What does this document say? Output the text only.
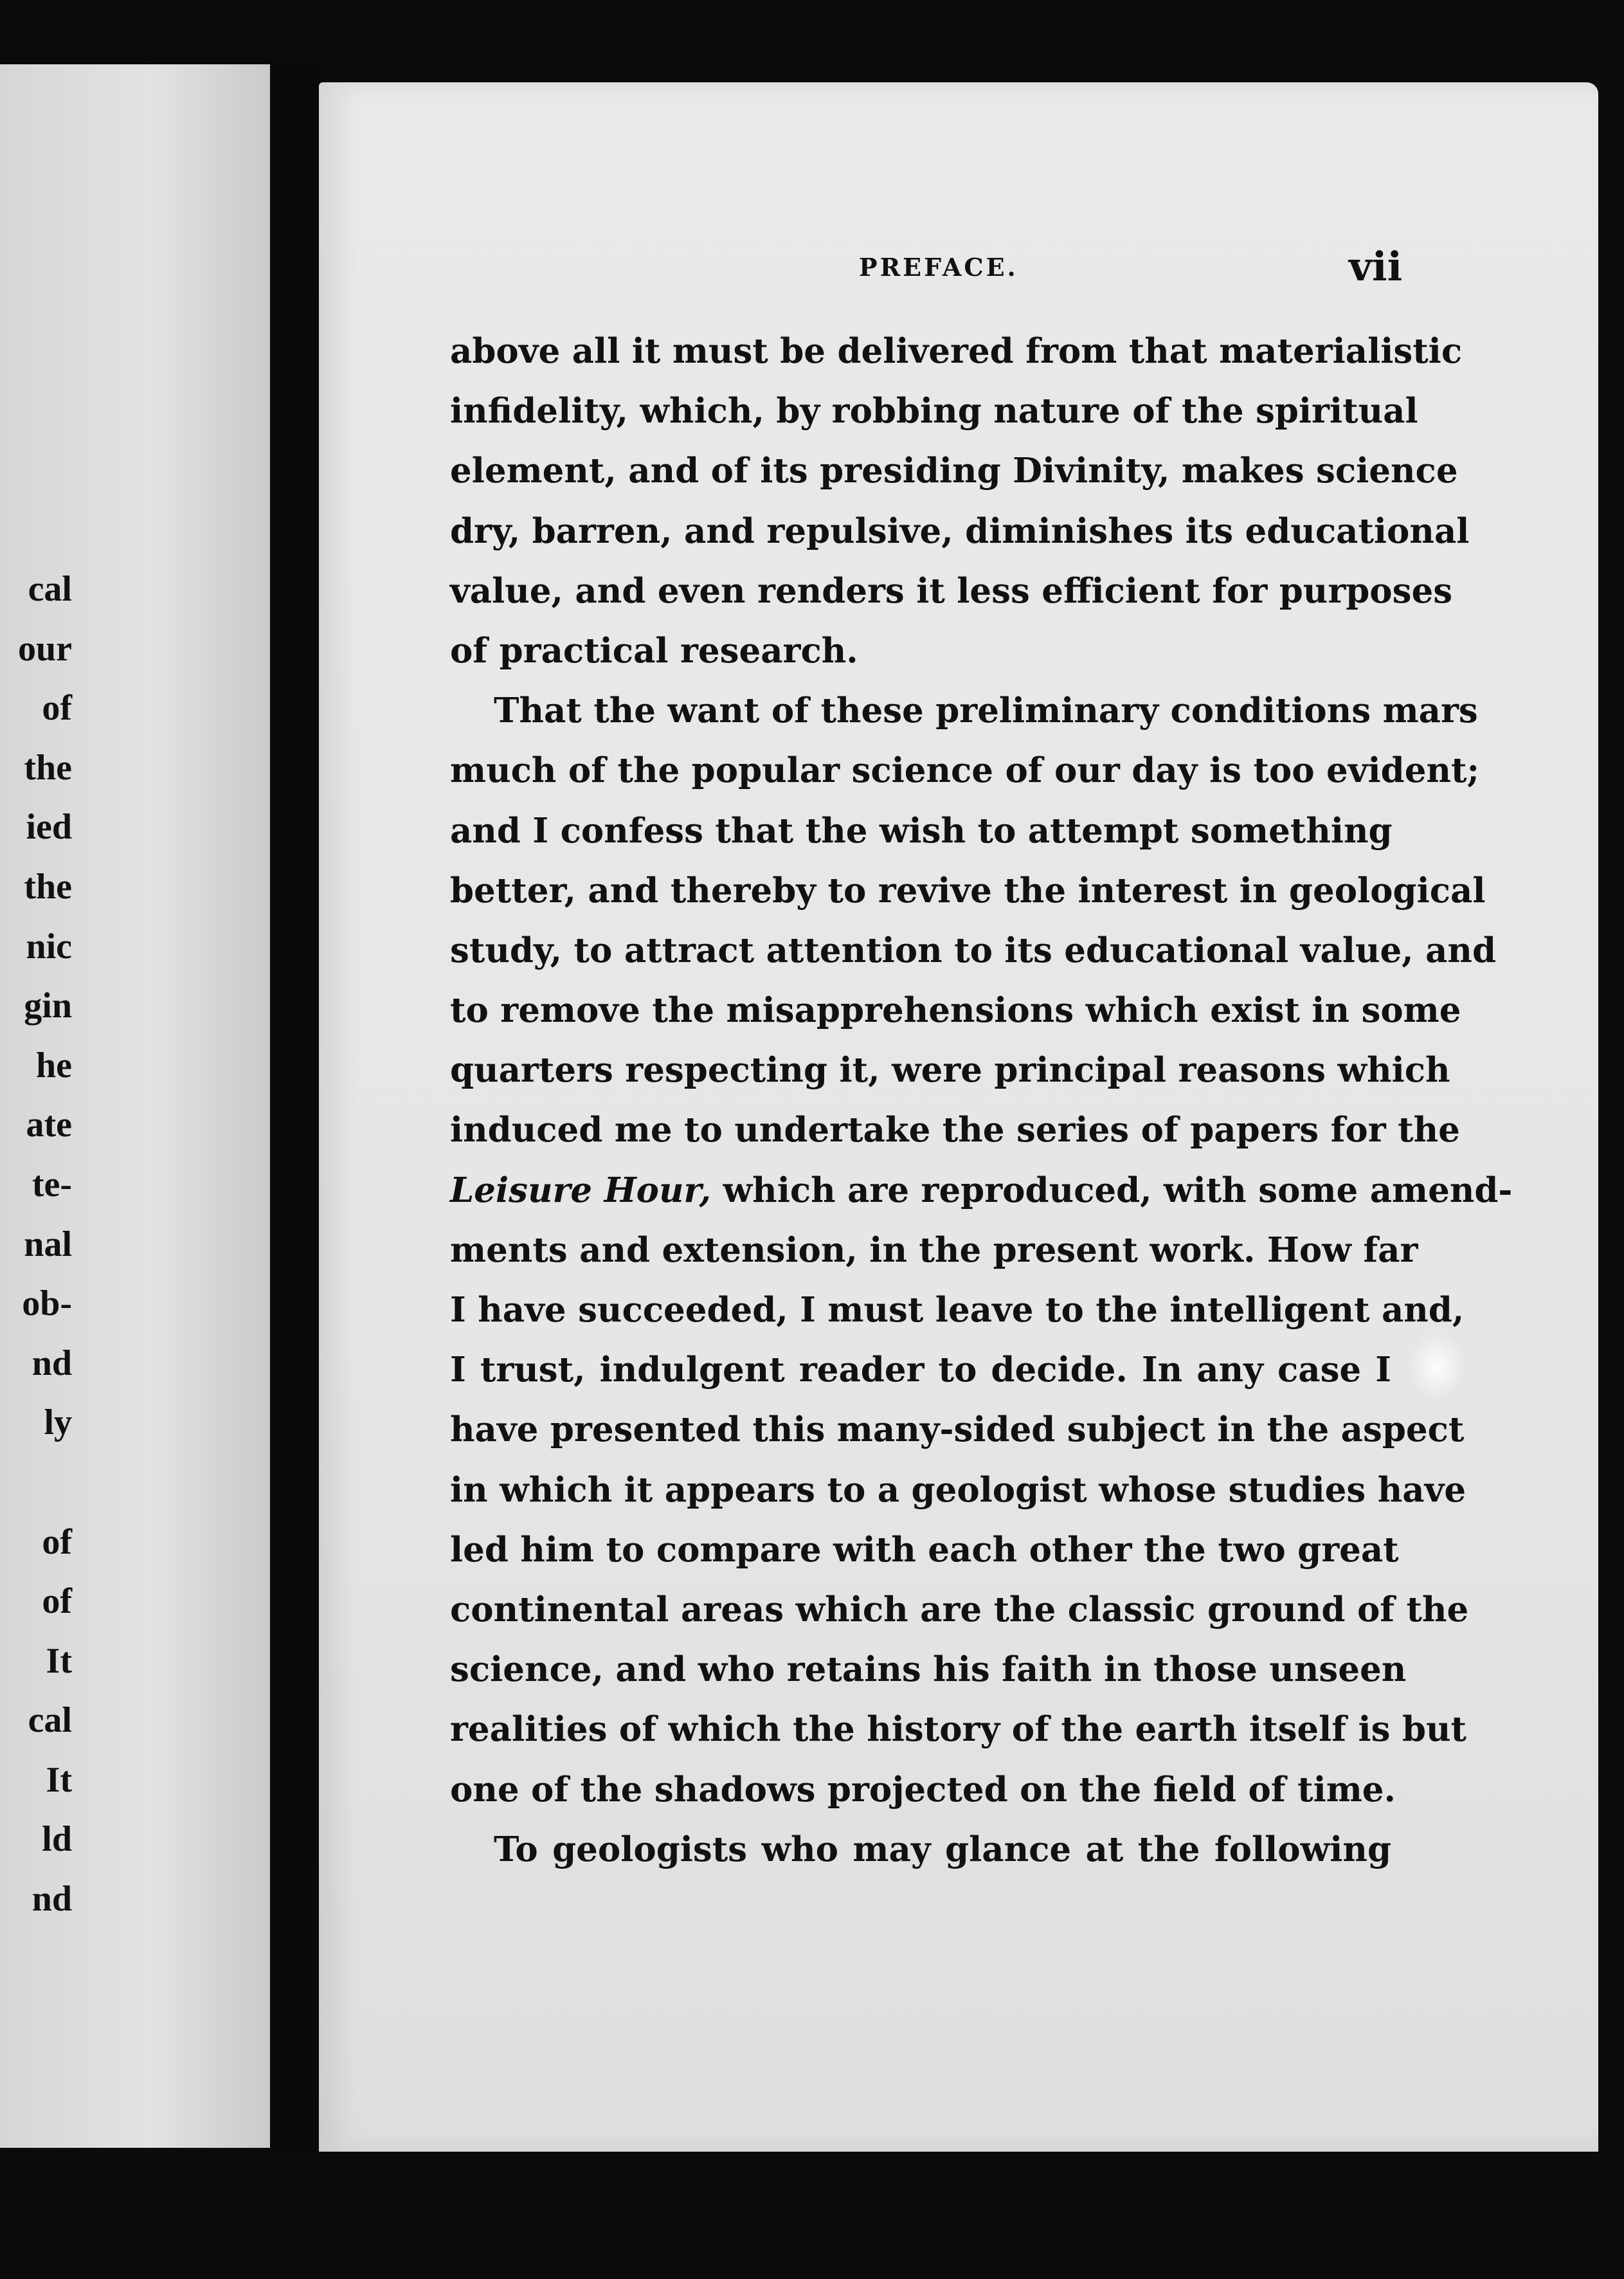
cal
our
of
the
ied
the
nic
gin
he
ate
te-
nal
ob-
nd
ly
of
of
It
cal
It
ld
nd
PREFACE.	vii
above all it must be delivered from that materialistic
infidelity, which, by robbing nature of the spiritual
element, and of its presiding Divinity, makes science
dry, barren, and repulsive, diminishes its educational
value, and even renders it less efficient for purposes
of practical research.
That the want of these preliminary conditions mars
much of the popular science of our day is too evident;
and I confess that the wish to attempt something
better, and thereby to revive the interest in geological
study, to attract attention to its educational value, and
to remove the misapprehensions which exist in some
quarters respecting it, were principal reasons which
induced me to undertake the series of papers for the
Leisure Hour, which are reproduced, with some amend-
ments and extension, in the present work. How far
I have succeeded, I must leave to the intelligent and,
I trust, indulgent reader to decide. In any case I
have presented this many-sided subject in the aspect
in which it appears to a geologist whose studies have
led him to compare with each other the two great
continental areas which are the classic ground of the
science, and who retains his faith in those unseen
realities of which the history of the earth itself is but
one of the shadows projected on the field of time.
To geologists who may glance at the following
